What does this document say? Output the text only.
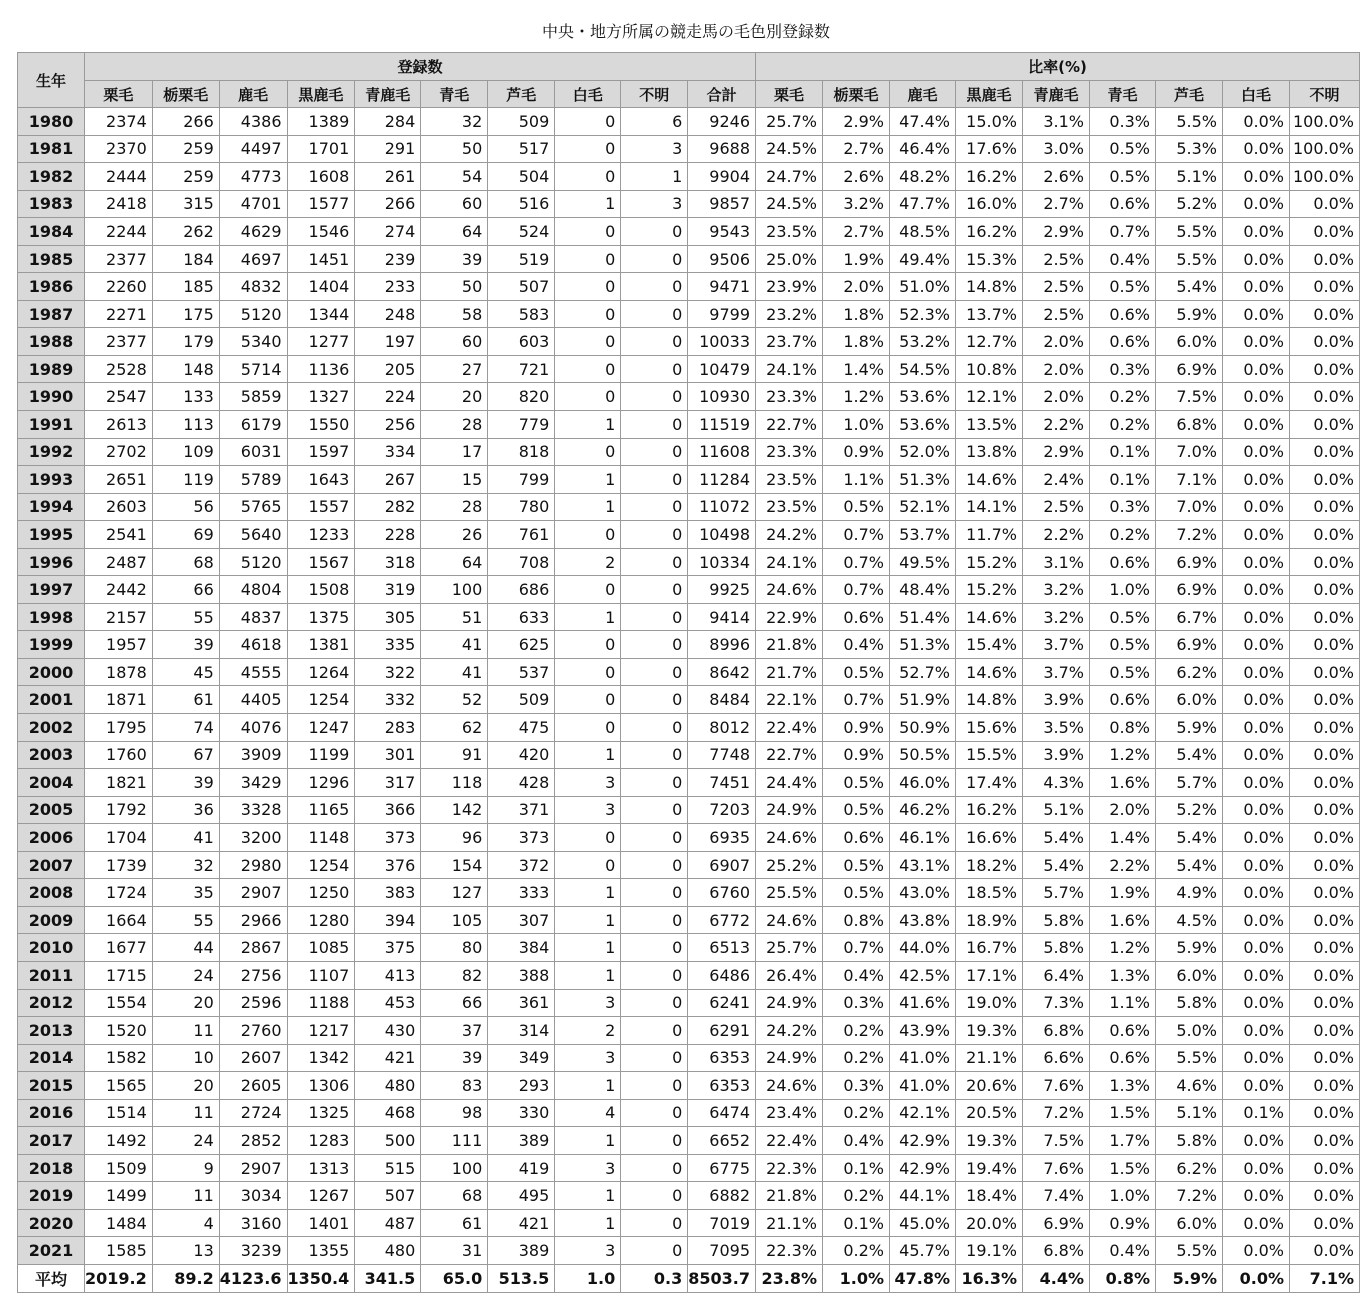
中央・地方所属の競走馬の毛色別登録数
生年	登録数										比率(%)								
	栗毛	栃栗毛	鹿毛	黒鹿毛	青鹿毛	青毛	芦毛	白毛	不明	合計	栗毛	栃栗毛	鹿毛	黒鹿毛	青鹿毛	青毛	芦毛	白毛	不明
1980	2374	266	4386	1389	284	32	509	0	6	9246	25.7%	2.9%	47.4%	15.0%	3.1%	0.3%	5.5%	0.0%	100.0%
1981	2370	259	4497	1701	291	50	517	0	3	9688	24.5%	2.7%	46.4%	17.6%	3.0%	0.5%	5.3%	0.0%	100.0%
1982	2444	259	4773	1608	261	54	504	0	1	9904	24.7%	2.6%	48.2%	16.2%	2.6%	0.5%	5.1%	0.0%	100.0%
1983	2418	315	4701	1577	266	60	516	1	3	9857	24.5%	3.2%	47.7%	16.0%	2.7%	0.6%	5.2%	0.0%	0.0%
1984	2244	262	4629	1546	274	64	524	0	0	9543	23.5%	2.7%	48.5%	16.2%	2.9%	0.7%	5.5%	0.0%	0.0%
1985	2377	184	4697	1451	239	39	519	0	0	9506	25.0%	1.9%	49.4%	15.3%	2.5%	0.4%	5.5%	0.0%	0.0%
1986	2260	185	4832	1404	233	50	507	0	0	9471	23.9%	2.0%	51.0%	14.8%	2.5%	0.5%	5.4%	0.0%	0.0%
1987	2271	175	5120	1344	248	58	583	0	0	9799	23.2%	1.8%	52.3%	13.7%	2.5%	0.6%	5.9%	0.0%	0.0%
1988	2377	179	5340	1277	197	60	603	0	0	10033	23.7%	1.8%	53.2%	12.7%	2.0%	0.6%	6.0%	0.0%	0.0%
1989	2528	148	5714	1136	205	27	721	0	0	10479	24.1%	1.4%	54.5%	10.8%	2.0%	0.3%	6.9%	0.0%	0.0%
1990	2547	133	5859	1327	224	20	820	0	0	10930	23.3%	1.2%	53.6%	12.1%	2.0%	0.2%	7.5%	0.0%	0.0%
1991	2613	113	6179	1550	256	28	779	1	0	11519	22.7%	1.0%	53.6%	13.5%	2.2%	0.2%	6.8%	0.0%	0.0%
1992	2702	109	6031	1597	334	17	818	0	0	11608	23.3%	0.9%	52.0%	13.8%	2.9%	0.1%	7.0%	0.0%	0.0%
1993	2651	119	5789	1643	267	15	799	1	0	11284	23.5%	1.1%	51.3%	14.6%	2.4%	0.1%	7.1%	0.0%	0.0%
1994	2603	56	5765	1557	282	28	780	1	0	11072	23.5%	0.5%	52.1%	14.1%	2.5%	0.3%	7.0%	0.0%	0.0%
1995	2541	69	5640	1233	228	26	761	0	0	10498	24.2%	0.7%	53.7%	11.7%	2.2%	0.2%	7.2%	0.0%	0.0%
1996	2487	68	5120	1567	318	64	708	2	0	10334	24.1%	0.7%	49.5%	15.2%	3.1%	0.6%	6.9%	0.0%	0.0%
1997	2442	66	4804	1508	319	100	686	0	0	9925	24.6%	0.7%	48.4%	15.2%	3.2%	1.0%	6.9%	0.0%	0.0%
1998	2157	55	4837	1375	305	51	633	1	0	9414	22.9%	0.6%	51.4%	14.6%	3.2%	0.5%	6.7%	0.0%	0.0%
1999	1957	39	4618	1381	335	41	625	0	0	8996	21.8%	0.4%	51.3%	15.4%	3.7%	0.5%	6.9%	0.0%	0.0%
2000	1878	45	4555	1264	322	41	537	0	0	8642	21.7%	0.5%	52.7%	14.6%	3.7%	0.5%	6.2%	0.0%	0.0%
2001	1871	61	4405	1254	332	52	509	0	0	8484	22.1%	0.7%	51.9%	14.8%	3.9%	0.6%	6.0%	0.0%	0.0%
2002	1795	74	4076	1247	283	62	475	0	0	8012	22.4%	0.9%	50.9%	15.6%	3.5%	0.8%	5.9%	0.0%	0.0%
2003	1760	67	3909	1199	301	91	420	1	0	7748	22.7%	0.9%	50.5%	15.5%	3.9%	1.2%	5.4%	0.0%	0.0%
2004	1821	39	3429	1296	317	118	428	3	0	7451	24.4%	0.5%	46.0%	17.4%	4.3%	1.6%	5.7%	0.0%	0.0%
2005	1792	36	3328	1165	366	142	371	3	0	7203	24.9%	0.5%	46.2%	16.2%	5.1%	2.0%	5.2%	0.0%	0.0%
2006	1704	41	3200	1148	373	96	373	0	0	6935	24.6%	0.6%	46.1%	16.6%	5.4%	1.4%	5.4%	0.0%	0.0%
2007	1739	32	2980	1254	376	154	372	0	0	6907	25.2%	0.5%	43.1%	18.2%	5.4%	2.2%	5.4%	0.0%	0.0%
2008	1724	35	2907	1250	383	127	333	1	0	6760	25.5%	0.5%	43.0%	18.5%	5.7%	1.9%	4.9%	0.0%	0.0%
2009	1664	55	2966	1280	394	105	307	1	0	6772	24.6%	0.8%	43.8%	18.9%	5.8%	1.6%	4.5%	0.0%	0.0%
2010	1677	44	2867	1085	375	80	384	1	0	6513	25.7%	0.7%	44.0%	16.7%	5.8%	1.2%	5.9%	0.0%	0.0%
2011	1715	24	2756	1107	413	82	388	1	0	6486	26.4%	0.4%	42.5%	17.1%	6.4%	1.3%	6.0%	0.0%	0.0%
2012	1554	20	2596	1188	453	66	361	3	0	6241	24.9%	0.3%	41.6%	19.0%	7.3%	1.1%	5.8%	0.0%	0.0%
2013	1520	11	2760	1217	430	37	314	2	0	6291	24.2%	0.2%	43.9%	19.3%	6.8%	0.6%	5.0%	0.0%	0.0%
2014	1582	10	2607	1342	421	39	349	3	0	6353	24.9%	0.2%	41.0%	21.1%	6.6%	0.6%	5.5%	0.0%	0.0%
2015	1565	20	2605	1306	480	83	293	1	0	6353	24.6%	0.3%	41.0%	20.6%	7.6%	1.3%	4.6%	0.0%	0.0%
2016	1514	11	2724	1325	468	98	330	4	0	6474	23.4%	0.2%	42.1%	20.5%	7.2%	1.5%	5.1%	0.1%	0.0%
2017	1492	24	2852	1283	500	111	389	1	0	6652	22.4%	0.4%	42.9%	19.3%	7.5%	1.7%	5.8%	0.0%	0.0%
2018	1509	9	2907	1313	515	100	419	3	0	6775	22.3%	0.1%	42.9%	19.4%	7.6%	1.5%	6.2%	0.0%	0.0%
2019	1499	11	3034	1267	507	68	495	1	0	6882	21.8%	0.2%	44.1%	18.4%	7.4%	1.0%	7.2%	0.0%	0.0%
2020	1484	4	3160	1401	487	61	421	1	0	7019	21.1%	0.1%	45.0%	20.0%	6.9%	0.9%	6.0%	0.0%	0.0%
2021	1585	13	3239	1355	480	31	389	3	0	7095	22.3%	0.2%	45.7%	19.1%	6.8%	0.4%	5.5%	0.0%	0.0%
平均	2019.2	89.2	4123.6	1350.4	341.5	65.0	513.5	1.0	0.3	8503.7	23.8%	1.0%	47.8%	16.3%	4.4%	0.8%	5.9%	0.0%	7.1%
